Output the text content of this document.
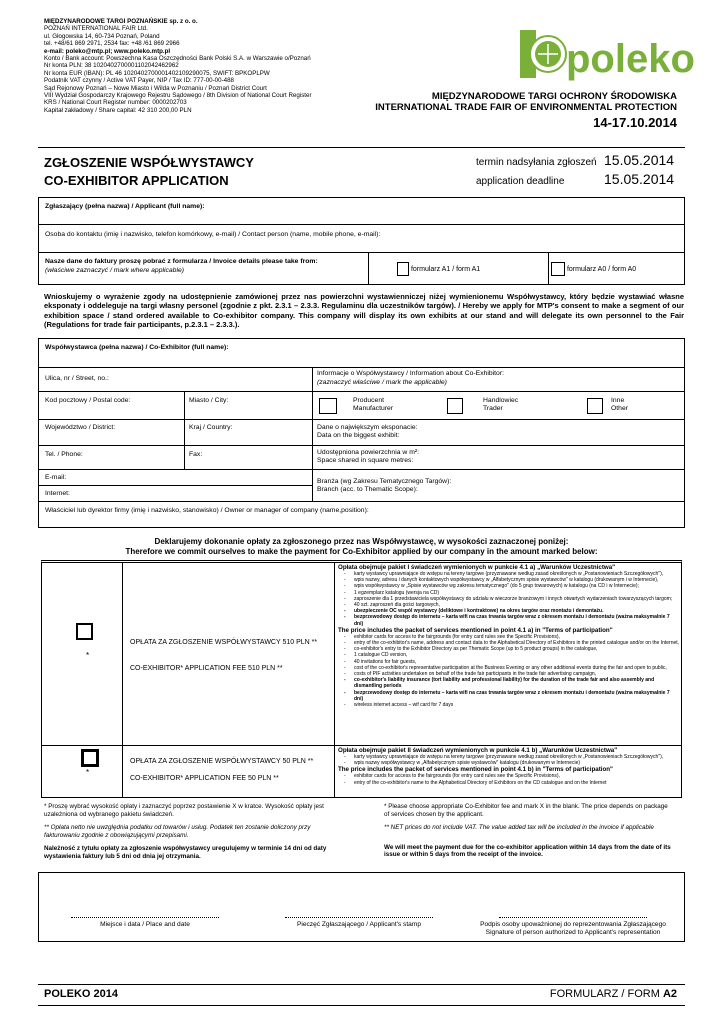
MIĘDZYNARODOWE TARGI POZNAŃSKIE sp. z o. o.
POZNAŃ INTERNATIONAL FAIR Ltd.
ul. Głogowska 14, 60-734 Poznań, Poland
tel. +48/61 869 2971, 2534 fax: +48 /61 869 2966
e-mail: poleko@mtp.pl; www.poleko.mtp.pl
Konto / Bank account: Powszechna Kasa Oszczędności Bank Polski S.A. w Warszawie o/Poznań
Nr konta PLN: 38 1020402700001102042462962
Nr konta EUR (IBAN): PL 46 1020402700001402109290075, SWIFT: BPKOPLPW
Podatnik VAT czynny / Active VAT Payer, NIP / Tax ID: 777-00-00-488
Sąd Rejonowy Poznań – Nowe Miasto i Wilda w Poznaniu / Poznań District Court
VIII Wydział Gospodarczy Krajowego Rejestru Sądowego / 8th Division of National Court Register
KRS / National Court Register number: 0000202703
Kapitał zakładowy / Share capital: 42 310 200,00 PLN
poleko
MIĘDZYNARODOWE TARGI OCHRONY ŚRODOWISKA
INTERNATIONAL TRADE FAIR OF ENVIRONMENTAL PROTECTION
14-17.10.2014
ZGŁOSZENIE WSPÓŁWYSTAWCY
CO-EXHIBITOR APPLICATION
termin nadsyłania zgłoszeń 15.05.2014
application deadline	15.05.2014
Zgłaszający (pełna nazwa) / Applicant (full name):
Osoba do kontaktu (imię i nazwisko, telefon komórkowy, e-mail) / Contact person (name, mobile phone, e-mail):
Nasze dane do faktury proszę pobrać z formularza / Invoice details please take from:
(właściwe zaznaczyć / mark where applicable)	formularz A1 / form A1	formularz A0 / form A0
Wnioskujemy o wyrażenie zgody na udostępnienie zamówionej przez nas powierzchni wystawienniczej niżej wymienionemu Współwystawcy, który będzie wystawiać własne eksponaty i oddeleguje na targi własny personel (zgodnie z pkt. 2.3.1 – 2.3.3. Regulaminu dla uczestników targów). / Hereby we apply for MTP's consent to make a segment of our exhibition space / stand ordered available to Co-exhibitor company. This company will display its own exhibits at our stand and will delegate its own personnel to the Fair (Regulations for trade fair participants, p.2.3.1 – 2.3.3.).
Współwystawca (pełna nazwa) / Co-Exhibitor (full name):
Ulica, nr / Street, no.:
Informacje o Współwystawcy / Information about Co-Exhibitor:
(zaznaczyć właściwe / mark the applicable)
Kod pocztowy / Postal code:	Miasto / City:	Producent
Manufacturer
Handlowiec
Trader
Inne
Other
Województwo / District:	Kraj / Country:	Dane o największym eksponacie:
Data on the biggest exhibit:
Tel. / Phone:	Fax:	Udostępniona powierzchnia w m²:
Space shared in square metres:
E-mail:
Internet:
Branża (wg Zakresu Tematycznego Targów):
Branch (acc. to Thematic Scope):
Właściciel lub dyrektor firmy (imię i nazwisko, stanowisko) / Owner or manager of company (name,position):
Deklarujemy dokonanie opłaty za zgłoszonego przez nas Współwystawcę, w wysokości zaznaczonej poniżej:
Therefore we commit ourselves to make the payment for Co-Exhibitor applied by our company in the amount marked below:
*
OPŁATA ZA ZGŁOSZENIE WSPÓŁWYSTAWCY 510 PLN **
CO-EXHIBITOR* APPLICATION FEE 510 PLN **
Opłata obejmuje pakiet I świadczeń wymienionych w punkcie 4.1 a) „Warunków Uczestnictwa"
- karty wystawcy uprawniające do wstępu na tereny targowe (przyznawane według zasad określonych w „Postanowieniach Szczegółowych"),
- wpis nazwy, adresu i danych kontaktowych współwystawcy w „Alfabetycznym spisie wystawców" w katalogu (drukowanym i w Internecie),
- wpis współwystawcy w „Spisie wystawców wg zakresu tematycznego" (do 5 grup towarowych) w katalogu (na CD i w Internecie);
- 1 egzemplarz katalogu (wersja na CD)
- zaproszenie dla 1 przedstawiciela współwystawcy do udziału w wieczorze branżowym i innych otwartych wydarzeniach towarzyszących targom;
- 40 szt. zaproszeń dla gości targowych,
- ubezpieczenie OC wspól wystawcy (deliktowe i kontraktowe) na okres targów oraz montażu i demontażu.
- bezprzewodowy dostęp do internetu – karta wifi na czas trwania targów wraz z okresem montażu i demontażu (ważna maksymalnie 7 dni)
The price includes the packet of services mentioned in point 4.1 a) in "Terms of participation"
- exhibitor cards for access to the fairgrounds (for entry card rules see the Specific Provisions),
- entry of the co-exhibitor's name, address and contact data to the Alphabetical Directory of Exhibitors in the printed catalogue and/or on the Internet,
- co-exhibitor's entry to the Exhibitor Directory as per Thematic Scope (up to 5 product groups) in the catalogue,
- 1 catalogue CD version,
- 40 invitations for fair guests,
- cost of the co-exhibitor's representative participation at the Business Evening or any other additional events during the fair and open to public,
- costs of PIF activities undertaken on behalf of the trade fair participants in the trade fair advertising campaign,
- co-exhibitor's liability insurance (tort liability and professional liability) for the duration of the trade fair and also assembly and dismantling periods
- bezprzewodowy dostęp do internetu – karta wifi na czas trwania targów wraz z okresem montażu i demontażu (ważna maksymalnie 7 dni)
- wireless internet access – wif card for 7 days
*
OPŁATA ZA ZGŁOSZENIE WSPÓŁWYSTAWCY 50 PLN **
CO-EXHIBITOR* APPLICATION FEE 50 PLN **
Opłata obejmuje pakiet II świadczeń wymienionych w punkcie 4.1 b) „Warunków Uczestnictwa"
- karty wystawcy uprawniające do wstępu na tereny targowe (przyznawane według zasad określonych w „Postanowieniach Szczegółowych"),
- wpis nazwy współwystawcy w „Alfabetycznym spisie wystawców" katalogu (drukowanym w Internecie)
The price includes the packet of services mentioned in point 4.1 b) in "Terms of participation"
- exhibitor cards for access to the fairgrounds (for entry card rules see the Specific Provisions),
- entry of the co-exhibitor's name to the Alphabetical Directory of Exhibitors on the CD catalogue and on the Internet
* Proszę wybrać wysokość opłaty i zaznaczyć poprzez postawienie X w kratce. Wysokość opłaty jest uzależniona od wybranego pakietu świadczeń.
** Opłata netto nie uwzględnia podatku od towarów i usług. Podatek ten zostanie doliczony przy fakturowaniu zgodnie z obowiązującymi przepisami.
Należność z tytułu opłaty za zgłoszenie współwystawcy uregulujemy w terminie 14 dni od daty wystawienia faktury lub 5 dni od dnia jej otrzymania.
* Please choose appropriate Co-Exhibitor fee and mark X in the blank. The price depends on package of services chosen by the applicant.
** NET prices do not include VAT. The value added tax will be included in the invoice if applicable
We will meet the payment due for the co-exhibitor application within 14 days from the date of its issue or within 5 days from the receipt of the invoice.
Miejsce i data / Place and date	Pieczęć Zgłaszającego / Applicant's stamp	Podpis osoby upoważnionej do reprezentowania Zgłaszającego
Signature of person authorized to Applicant's representation
POLEKO 2014	FORMULARZ / FORM A2
